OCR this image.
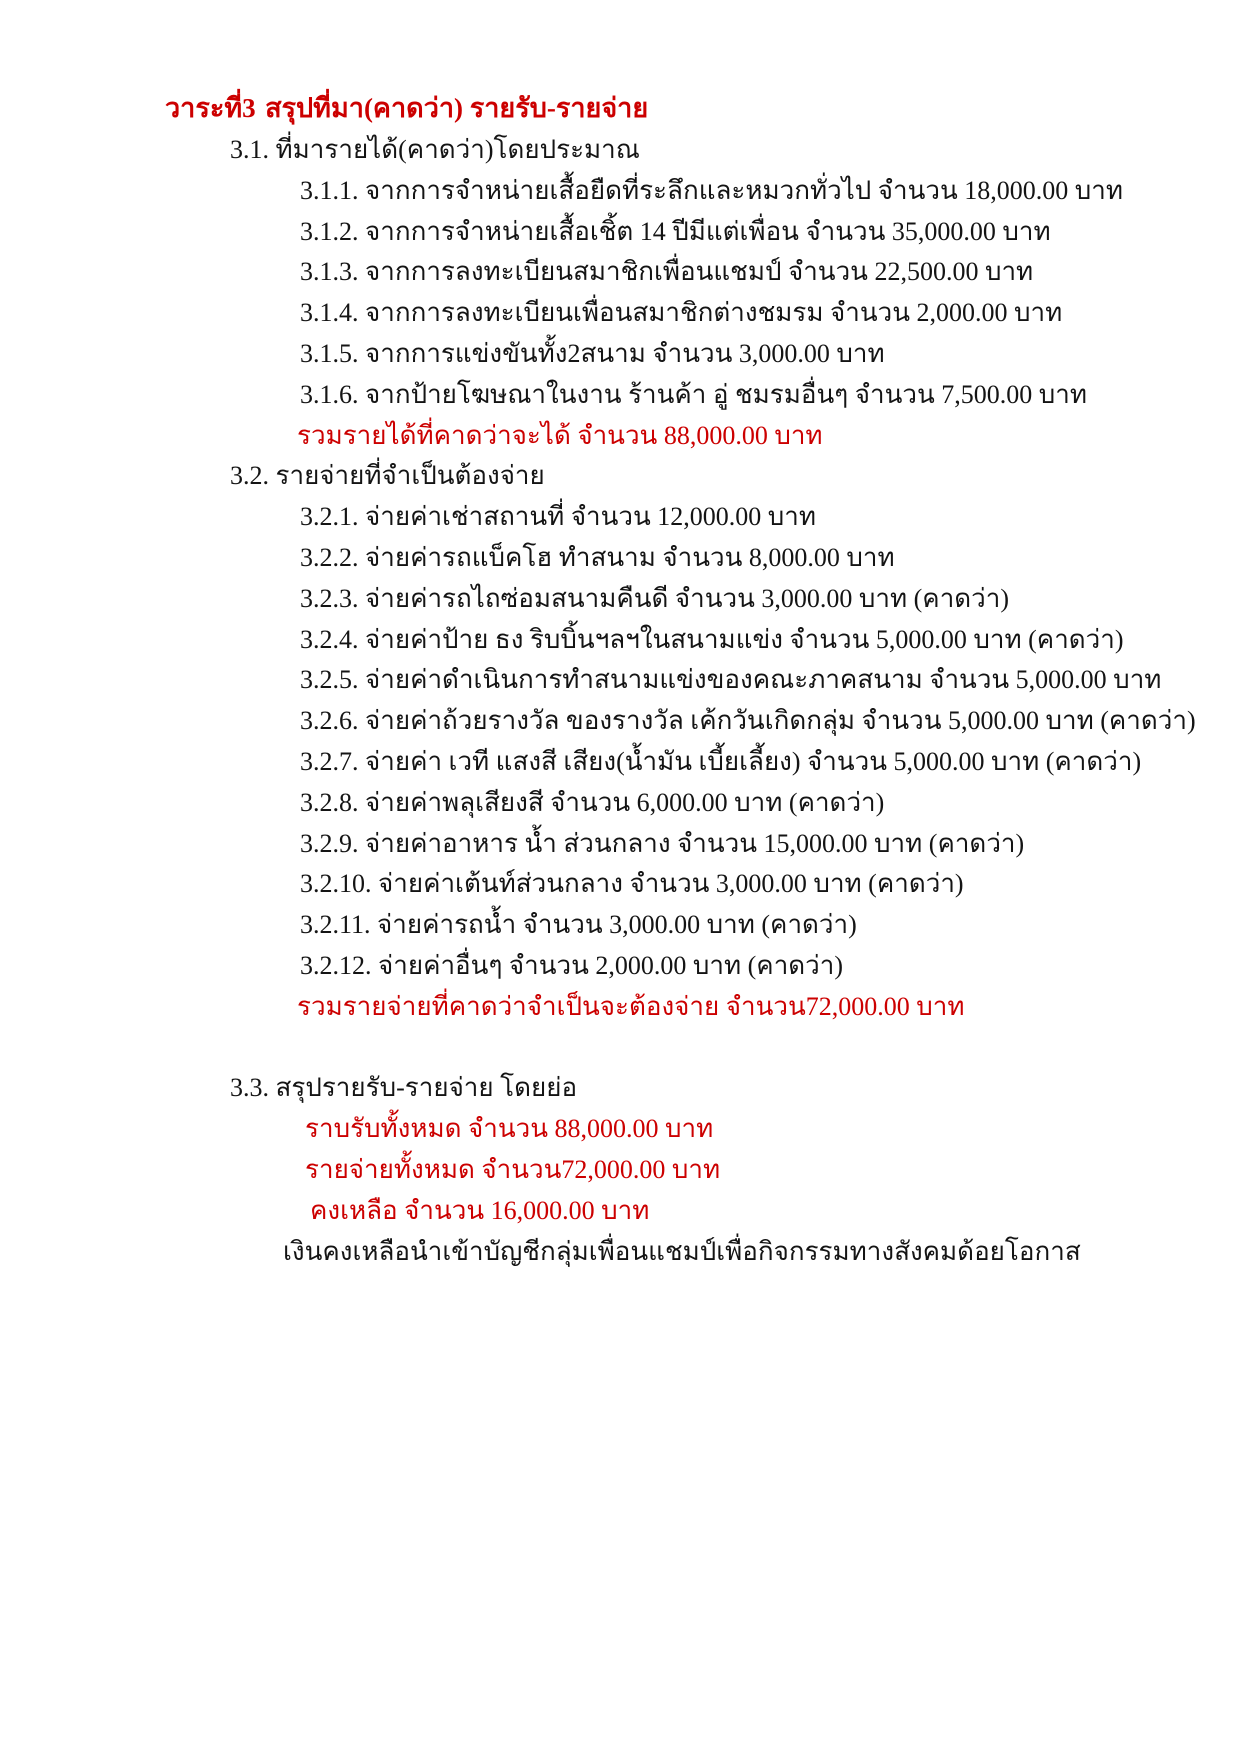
วาระที่3 สรุปที่มา(คาดว่า) รายรับ-รายจ่าย
3.1. ที่มารายได้(คาดว่า)โดยประมาณ
3.1.1. จากการจำหน่ายเสื้อยืดที่ระลึกและหมวกทั่วไป จำนวน 18,000.00 บาท
3.1.2. จากการจำหน่ายเสื้อเชิ้ต 14 ปีมีแต่เพื่อน จำนวน 35,000.00 บาท
3.1.3. จากการลงทะเบียนสมาชิกเพื่อนแชมป์ จำนวน 22,500.00 บาท
3.1.4. จากการลงทะเบียนเพื่อนสมาชิกต่างชมรม จำนวน 2,000.00 บาท
3.1.5. จากการแข่งขันทั้ง2สนาม จำนวน 3,000.00 บาท
3.1.6. จากป้ายโฆษณาในงาน ร้านค้า อู่ ชมรมอื่นๆ จำนวน 7,500.00 บาท
รวมรายได้ที่คาดว่าจะได้ จำนวน 88,000.00 บาท
3.2. รายจ่ายที่จำเป็นต้องจ่าย
3.2.1. จ่ายค่าเช่าสถานที่ จำนวน 12,000.00 บาท
3.2.2. จ่ายค่ารถแบ็คโฮ ทำสนาม จำนวน 8,000.00 บาท
3.2.3. จ่ายค่ารถไถซ่อมสนามคืนดี จำนวน 3,000.00 บาท (คาดว่า)
3.2.4. จ่ายค่าป้าย ธง ริบบิ้นฯลฯในสนามแข่ง จำนวน 5,000.00 บาท (คาดว่า)
3.2.5. จ่ายค่าดำเนินการทำสนามแข่งของคณะภาคสนาม จำนวน 5,000.00 บาท
3.2.6. จ่ายค่าถ้วยรางวัล ของรางวัล เค้กวันเกิดกลุ่ม จำนวน 5,000.00 บาท (คาดว่า)
3.2.7. จ่ายค่า เวที แสงสี เสียง(น้ำมัน เบี้ยเลี้ยง) จำนวน 5,000.00 บาท (คาดว่า)
3.2.8. จ่ายค่าพลุเสียงสี จำนวน 6,000.00 บาท (คาดว่า)
3.2.9. จ่ายค่าอาหาร น้ำ ส่วนกลาง จำนวน 15,000.00 บาท (คาดว่า)
3.2.10. จ่ายค่าเต้นท์ส่วนกลาง จำนวน 3,000.00 บาท (คาดว่า)
3.2.11. จ่ายค่ารถน้ำ จำนวน 3,000.00 บาท (คาดว่า)
3.2.12. จ่ายค่าอื่นๆ จำนวน 2,000.00 บาท (คาดว่า)
รวมรายจ่ายที่คาดว่าจำเป็นจะต้องจ่าย จำนวน72,000.00 บาท
3.3. สรุปรายรับ-รายจ่าย โดยย่อ
ราบรับทั้งหมด จำนวน 88,000.00 บาท
รายจ่ายทั้งหมด จำนวน72,000.00 บาท
คงเหลือ จำนวน 16,000.00 บาท
เงินคงเหลือนำเข้าบัญชีกลุ่มเพื่อนแชมป์เพื่อกิจกรรมทางสังคมด้อยโอกาส
